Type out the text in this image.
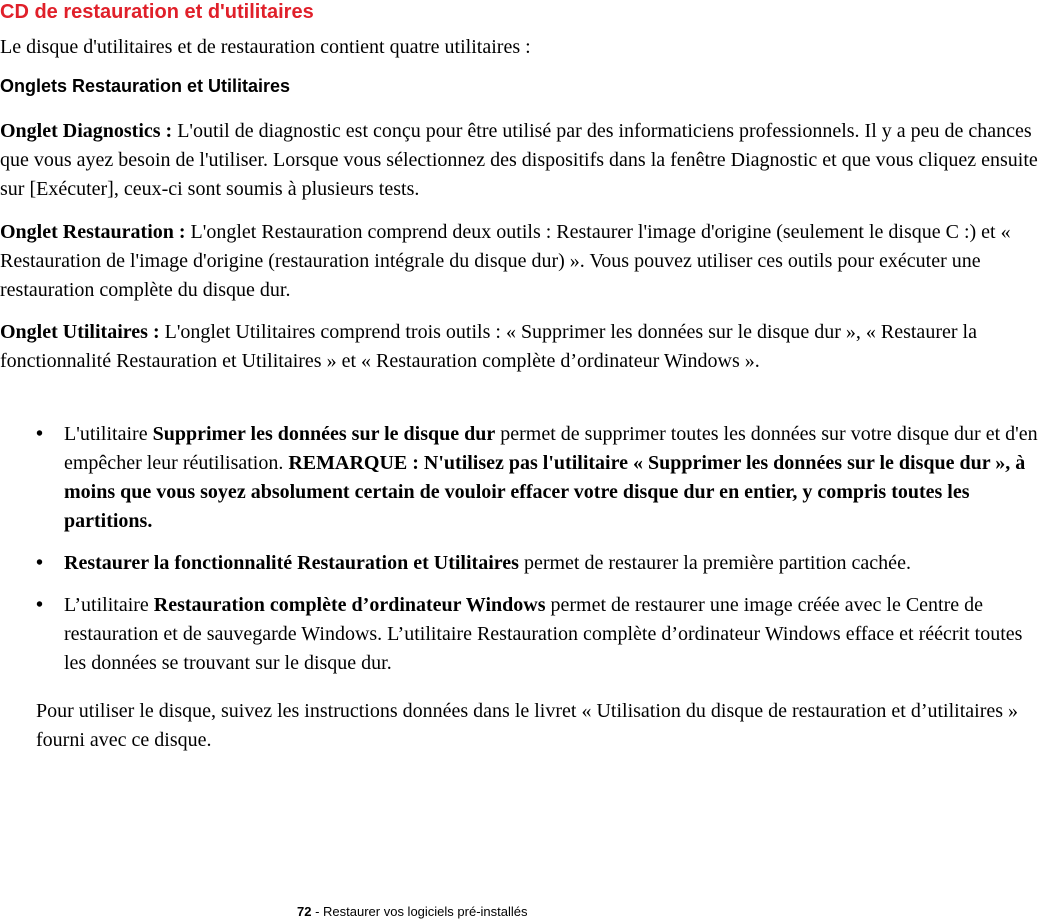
CD de restauration et d'utilitaires

Le disque d'utilitaires et de restauration contient quatre utilitaires :

Onglets Restauration et Utilitaires

Onglet Diagnostics : L'outil de diagnostic est conçu pour être utilisé par des informaticiens professionnels. Il y a peu de chances que vous ayez besoin de l'utiliser. Lorsque vous sélectionnez des dispositifs dans la fenêtre Diagnostic et que vous cliquez ensuite sur [Exécuter], ceux-ci sont soumis à plusieurs tests.

Onglet Restauration : L'onglet Restauration comprend deux outils : Restaurer l'image d'origine (seulement le disque C :) et « Restauration de l'image d'origine (restauration intégrale du disque dur) ». Vous pouvez utiliser ces outils pour exécuter une restauration complète du disque dur.

Onglet Utilitaires : L'onglet Utilitaires comprend trois outils : « Supprimer les données sur le disque dur », « Restaurer la fonctionnalité Restauration et Utilitaires » et « Restauration complète d’ordinateur Windows ».

• L'utilitaire Supprimer les données sur le disque dur permet de supprimer toutes les données sur votre disque dur et d'en empêcher leur réutilisation. REMARQUE : N'utilisez pas l'utilitaire « Supprimer les données sur le disque dur », à moins que vous soyez absolument certain de vouloir effacer votre disque dur en entier, y compris toutes les partitions.
• Restaurer la fonctionnalité Restauration et Utilitaires permet de restaurer la première partition cachée.
• L’utilitaire Restauration complète d’ordinateur Windows permet de restaurer une image créée avec le Centre de restauration et de sauvegarde Windows. L’utilitaire Restauration complète d’ordinateur Windows efface et réécrit toutes les données se trouvant sur le disque dur.

Pour utiliser le disque, suivez les instructions données dans le livret « Utilisation du disque de restauration et d’utilitaires » fourni avec ce disque.

72 - Restaurer vos logiciels pré-installés
